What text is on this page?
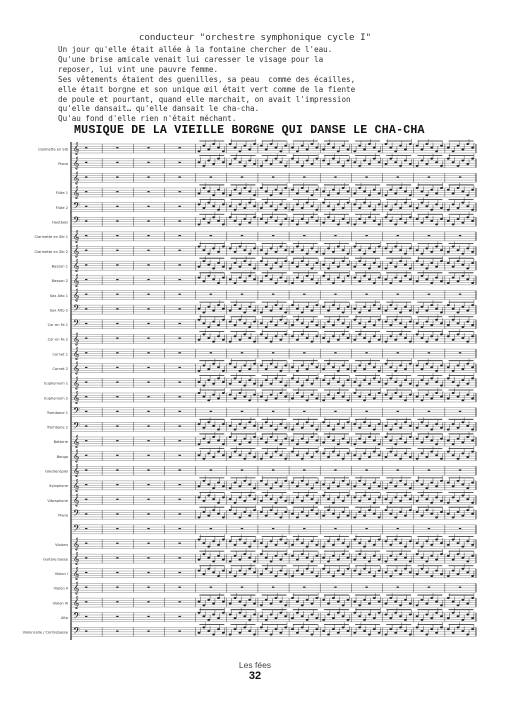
conducteur "orchestre symphonique cycle I"
Un jour qu'elle était allée à la fontaine chercher de l'eau.
Qu'une brise amicale venait lui caresser le visage pour la
reposer, lui vint une pauvre femme.
Ses vêtements étaient des guenilles, sa peau  comme des écailles,
elle était borgne et son unique œil était vert comme de la fiente
de poule et pourtant, quand elle marchait, on avait l'impression
qu'elle dansait… qu'elle dansait le cha-cha.
Qu'au fond d'elle rien n'était méchant.
MUSIQUE DE LA VIEILLE BORGNE QUI DANSE LE CHA-CHA
𝄞
Clarinette en Sib
𝄞
Piano
𝄞
𝄞
Flûte 1
𝄢
Flûte 2
𝄢
Hautbois
𝄞
Clarinette en Sib 1
𝄞
Clarinette en Sib 2
𝄞
Basson 1
𝄞
Basson 2
𝄞
Sax Alto 1
𝄢
Sax Alto 2
𝄢
Cor en Fa 1
𝄞
Cor en Fa 2
𝄞
Cornet 1
𝄞
Cornet 2
𝄞
Euphonium 1
𝄞
Euphonium 2
𝄢
Trombone 1
𝄢
Trombone 2
𝄞
Batterie
𝄞
Bongo
𝄞
Glockenspiel
𝄞
Xylophone
𝄞
Vibraphone
𝄢
Piano
𝄢
𝄞
Violons
𝄞
Guitare basse
𝄞
Violon I
𝄞
Violon II
𝄞
Violon III
𝄢
Alto
𝄢
Violoncelle / Contrebasse
Les fées
32
